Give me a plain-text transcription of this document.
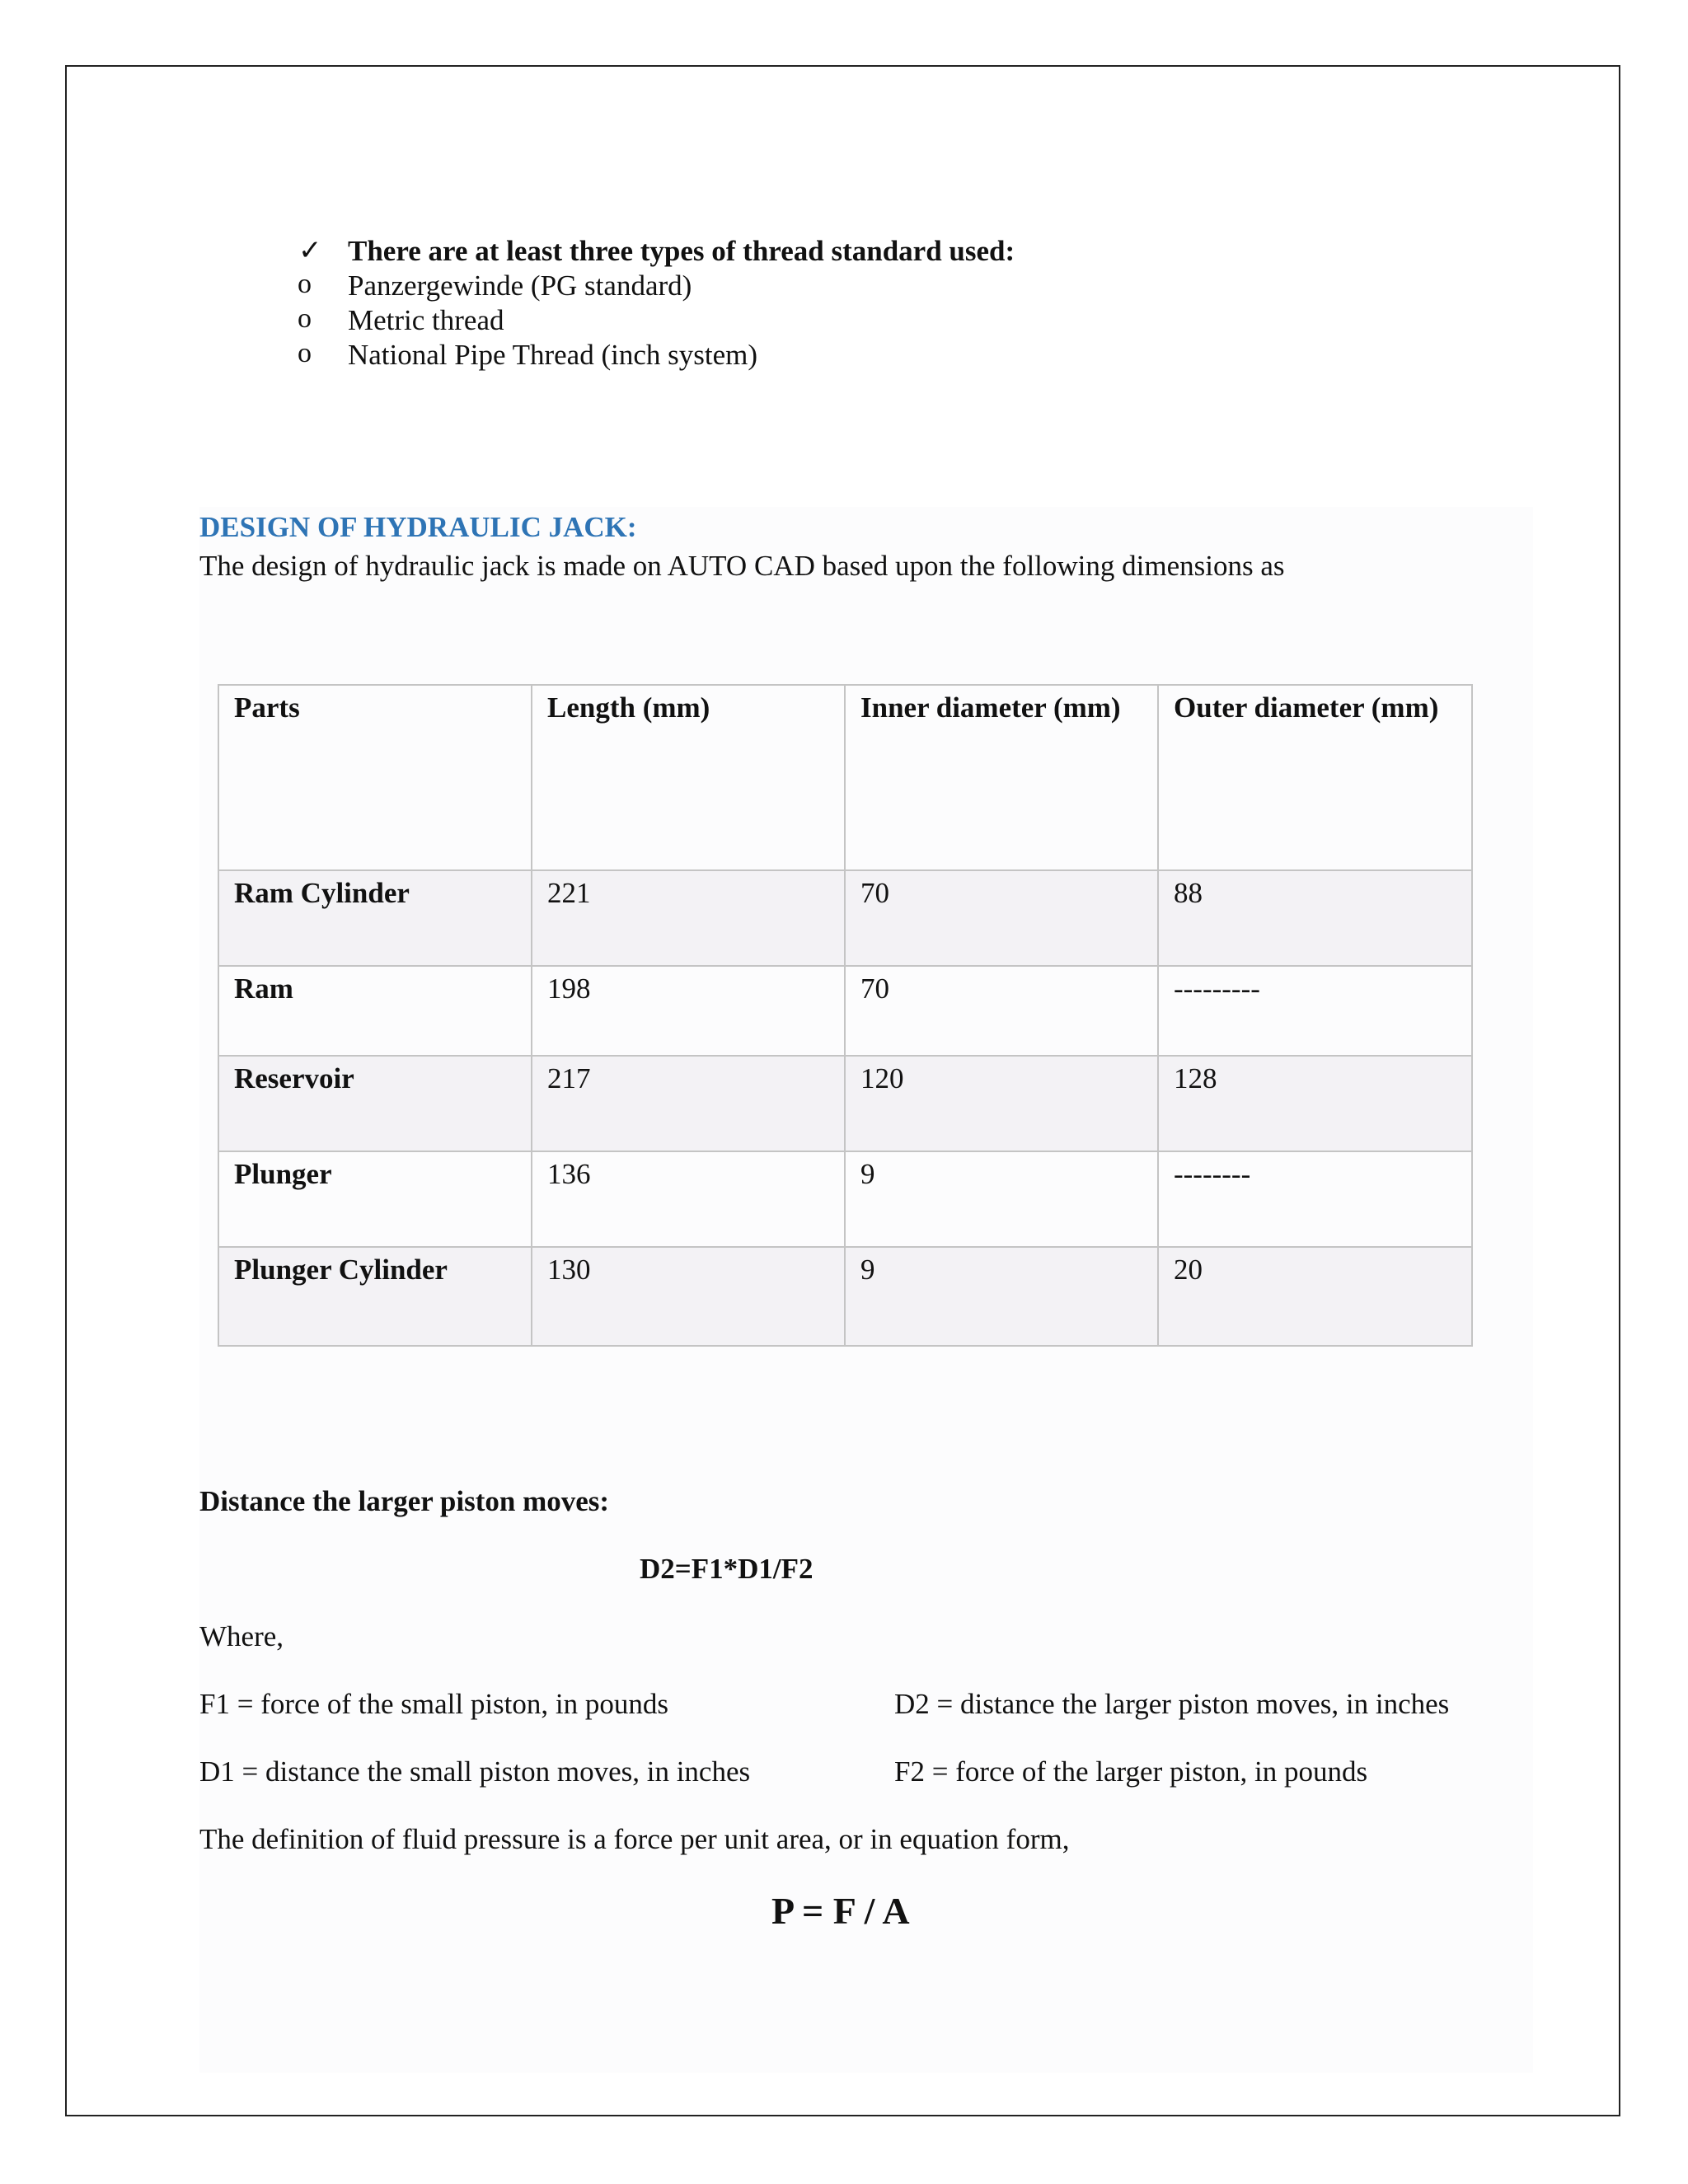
✓ There are at least three types of thread standard used:
o Panzergewinde (PG standard)
o Metric thread
o National Pipe Thread (inch system)
DESIGN OF HYDRAULIC JACK:
The design of hydraulic jack is made on AUTO CAD based upon the following dimensions as
Parts	Length (mm)	Inner diameter (mm)	Outer diameter (mm)
Ram Cylinder	221	70	88
Ram	198	70	---------
Reservoir	217	120	128
Plunger	136	9	--------
Plunger Cylinder	130	9	20
Distance the larger piston moves:
D2=F1*D1/F2
Where,
F1 = force of the small piston, in pounds	D2 = distance the larger piston moves, in inches
D1 = distance the small piston moves, in inches	F2 = force of the larger piston, in pounds
The definition of fluid pressure is a force per unit area, or in equation form,
P = F / A
